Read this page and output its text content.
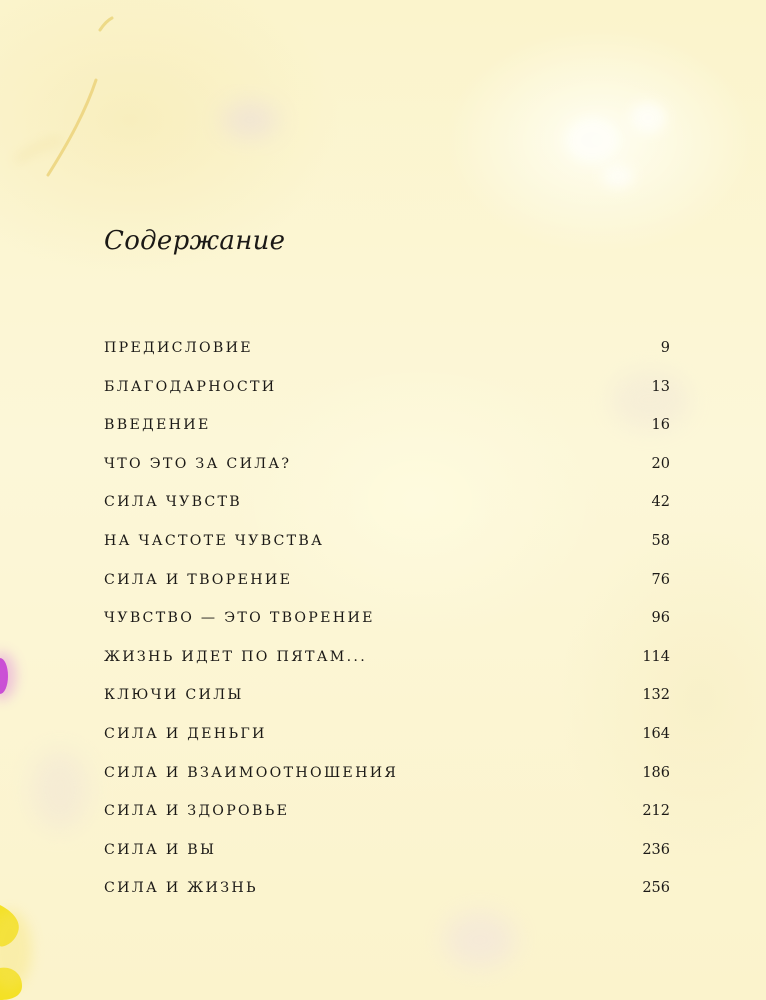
Содержание
ПРЕДИСЛОВИЕ	9
БЛАГОДАРНОСТИ	13
ВВЕДЕНИЕ	16
ЧТО ЭТО ЗА СИЛА?	20
СИЛА ЧУВСТВ	42
НА ЧАСТОТЕ ЧУВСТВА	58
СИЛА И ТВОРЕНИЕ	76
ЧУВСТВО — ЭТО ТВОРЕНИЕ	96
ЖИЗНЬ ИДЕТ ПО ПЯТАМ...	114
КЛЮЧИ СИЛЫ	132
СИЛА И ДЕНЬГИ	164
СИЛА И ВЗАИМООТНОШЕНИЯ	186
СИЛА И ЗДОРОВЬЕ	212
СИЛА И ВЫ	236
СИЛА И ЖИЗНЬ	256
